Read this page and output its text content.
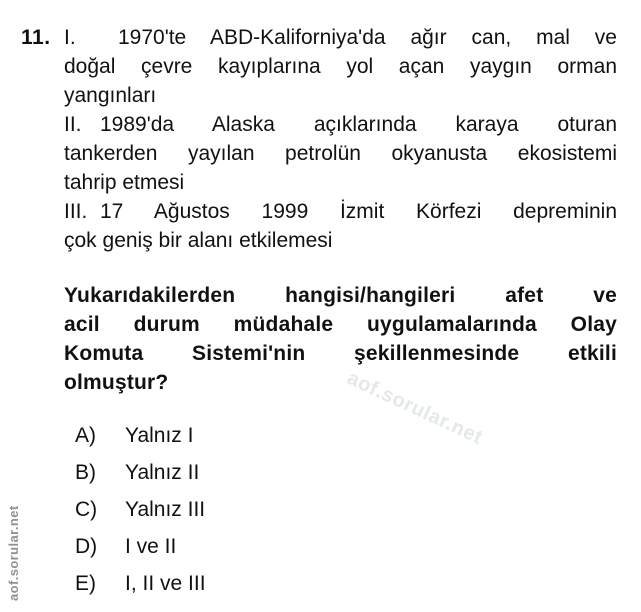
11. I. 1970'te ABD-Kaliforniya'da ağır can, mal ve
doğal çevre kayıplarına yol açan yaygın orman
yangınları
II. 1989'da Alaska açıklarında karaya oturan
tankerden yayılan petrolün okyanusta ekosistemi
tahrip etmesi
III. 17 Ağustos 1999 İzmit Körfezi depreminin
çok geniş bir alanı etkilemesi
Yukarıdakilerden hangisi/hangileri afet ve
acil durum müdahale uygulamalarında Olay
Komuta Sistemi'nin şekillenmesinde etkili
olmuştur?
A) Yalnız I
B) Yalnız II
C) Yalnız III
D) I ve II
E) I, II ve III
aof.sorular.net
aof.sorular.net
